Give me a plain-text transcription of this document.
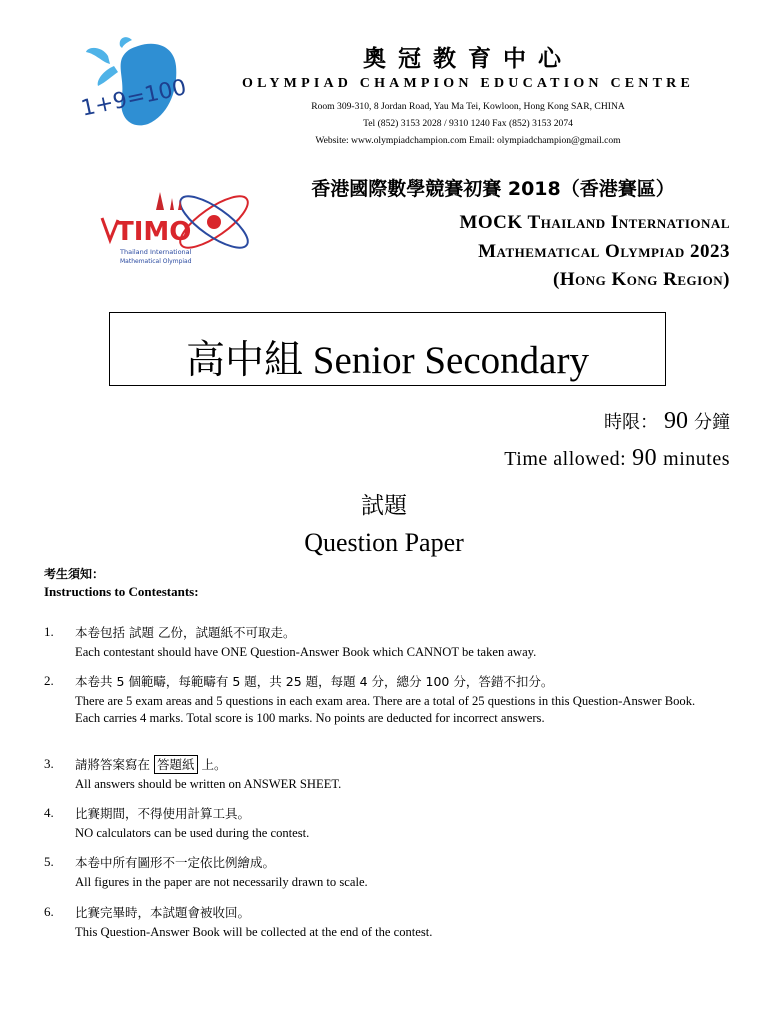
1+9=100
奧冠教育中心
OLYMPIAD CHAMPION EDUCATION CENTRE
Room 309-310, 8 Jordan Road, Yau Ma Tei, Kowloon, Hong Kong SAR, CHINA
Tel (852) 3153 2028 / 9310 1240 Fax (852) 3153 2074
Website: www.olympiadchampion.com Email: olympiadchampion@gmail.com
TIMO
Thailand International
Mathematical Olympiad
香港國際數學競賽初賽 2018（香港賽區）
MOCK Thailand International
Mathematical Olympiad 2023
(Hong Kong Region)
高中組 Senior Secondary
時限： 90 分鐘
Time allowed: 90 minutes
試題
Question Paper
考生須知：
Instructions to Contestants:
1. 本卷包括 試題 乙份，試題紙不可取走。
Each contestant should have ONE Question-Answer Book which CANNOT be taken away.
2. 本卷共 5 個範疇，每範疇有 5 題，共 25 題，每題 4 分，總分 100 分，答錯不扣分。
There are 5 exam areas and 5 questions in each exam area. There are a total of 25 questions in this Question-Answer Book. Each carries 4 marks. Total score is 100 marks. No points are deducted for incorrect answers.
3. 請將答案寫在 答題紙 上。
All answers should be written on ANSWER SHEET.
4. 比賽期間，不得使用計算工具。
NO calculators can be used during the contest.
5. 本卷中所有圖形不一定依比例繪成。
All figures in the paper are not necessarily drawn to scale.
6. 比賽完畢時，本試題會被收回。
This Question-Answer Book will be collected at the end of the contest.
